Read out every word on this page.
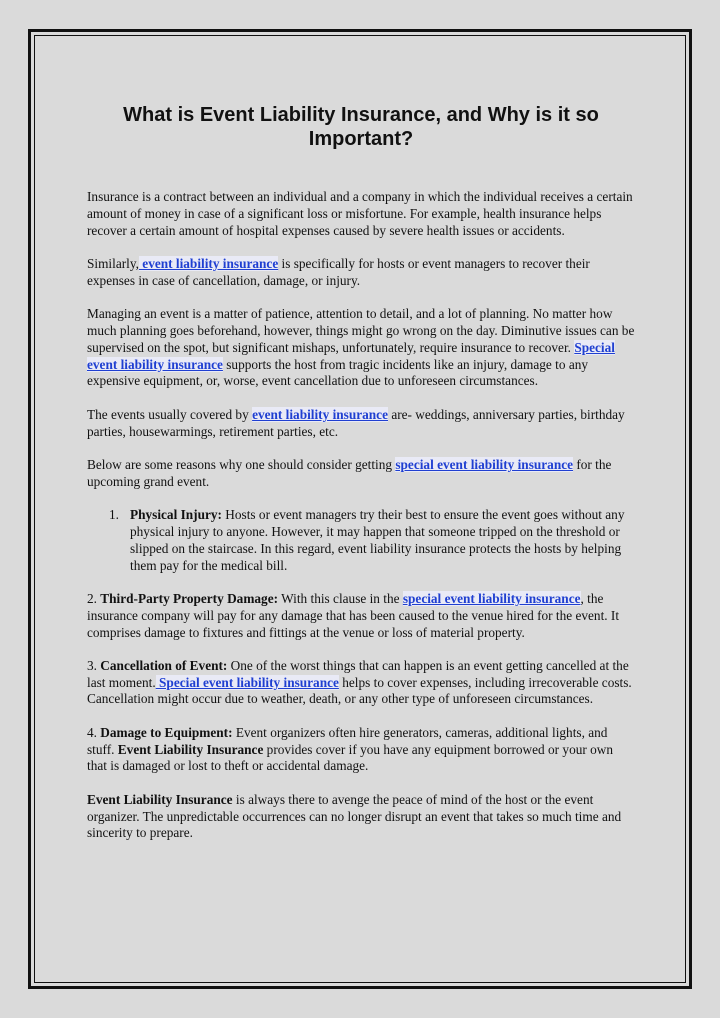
What is Event Liability Insurance, and Why is it so Important?

Insurance is a contract between an individual and a company in which the individual receives a certain amount of money in case of a significant loss or misfortune. For example, health insurance helps recover a certain amount of hospital expenses caused by severe health issues or accidents.

Similarly, event liability insurance is specifically for hosts or event managers to recover their expenses in case of cancellation, damage, or injury.

Managing an event is a matter of patience, attention to detail, and a lot of planning. No matter how much planning goes beforehand, however, things might go wrong on the day. Diminutive issues can be supervised on the spot, but significant mishaps, unfortunately, require insurance to recover. Special event liability insurance supports the host from tragic incidents like an injury, damage to any expensive equipment, or, worse, event cancellation due to unforeseen circumstances.

The events usually covered by event liability insurance are- weddings, anniversary parties, birthday parties, housewarmings, retirement parties, etc.

Below are some reasons why one should consider getting special event liability insurance for the upcoming grand event.

1. Physical Injury: Hosts or event managers try their best to ensure the event goes without any physical injury to anyone. However, it may happen that someone tripped on the threshold or slipped on the staircase. In this regard, event liability insurance protects the hosts by helping them pay for the medical bill.

2. Third-Party Property Damage: With this clause in the special event liability insurance, the insurance company will pay for any damage that has been caused to the venue hired for the event. It comprises damage to fixtures and fittings at the venue or loss of material property.

3. Cancellation of Event: One of the worst things that can happen is an event getting cancelled at the last moment. Special event liability insurance helps to cover expenses, including irrecoverable costs. Cancellation might occur due to weather, death, or any other type of unforeseen circumstances.

4. Damage to Equipment: Event organizers often hire generators, cameras, additional lights, and stuff. Event Liability Insurance provides cover if you have any equipment borrowed or your own that is damaged or lost to theft or accidental damage.

Event Liability Insurance is always there to avenge the peace of mind of the host or the event organizer. The unpredictable occurrences can no longer disrupt an event that takes so much time and sincerity to prepare.
